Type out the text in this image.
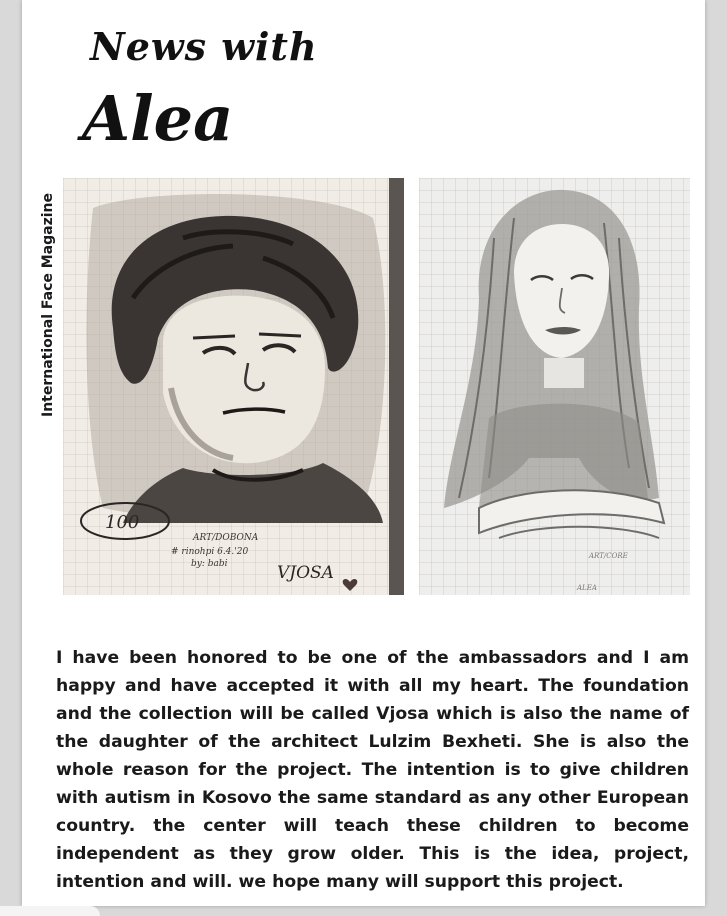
International Face Magazine
News with
Alea
100
ART/DOBONA
# rinohpi 6.4.'20
by: babi	VJOSA
ART/CORE
ALEA
I have been honored to be one of the ambassadors and I am happy and have accepted it with all my heart. The foundation and the collection will be called Vjosa which is also the name of the daughter of the architect Lulzim Bexheti. She is also the whole reason for the project. The intention is to give children with autism in Kosovo the same standard as any other European country. the center will teach these children to become independent as they grow older. This is the idea, project, intention and will. we hope many will support this project.
